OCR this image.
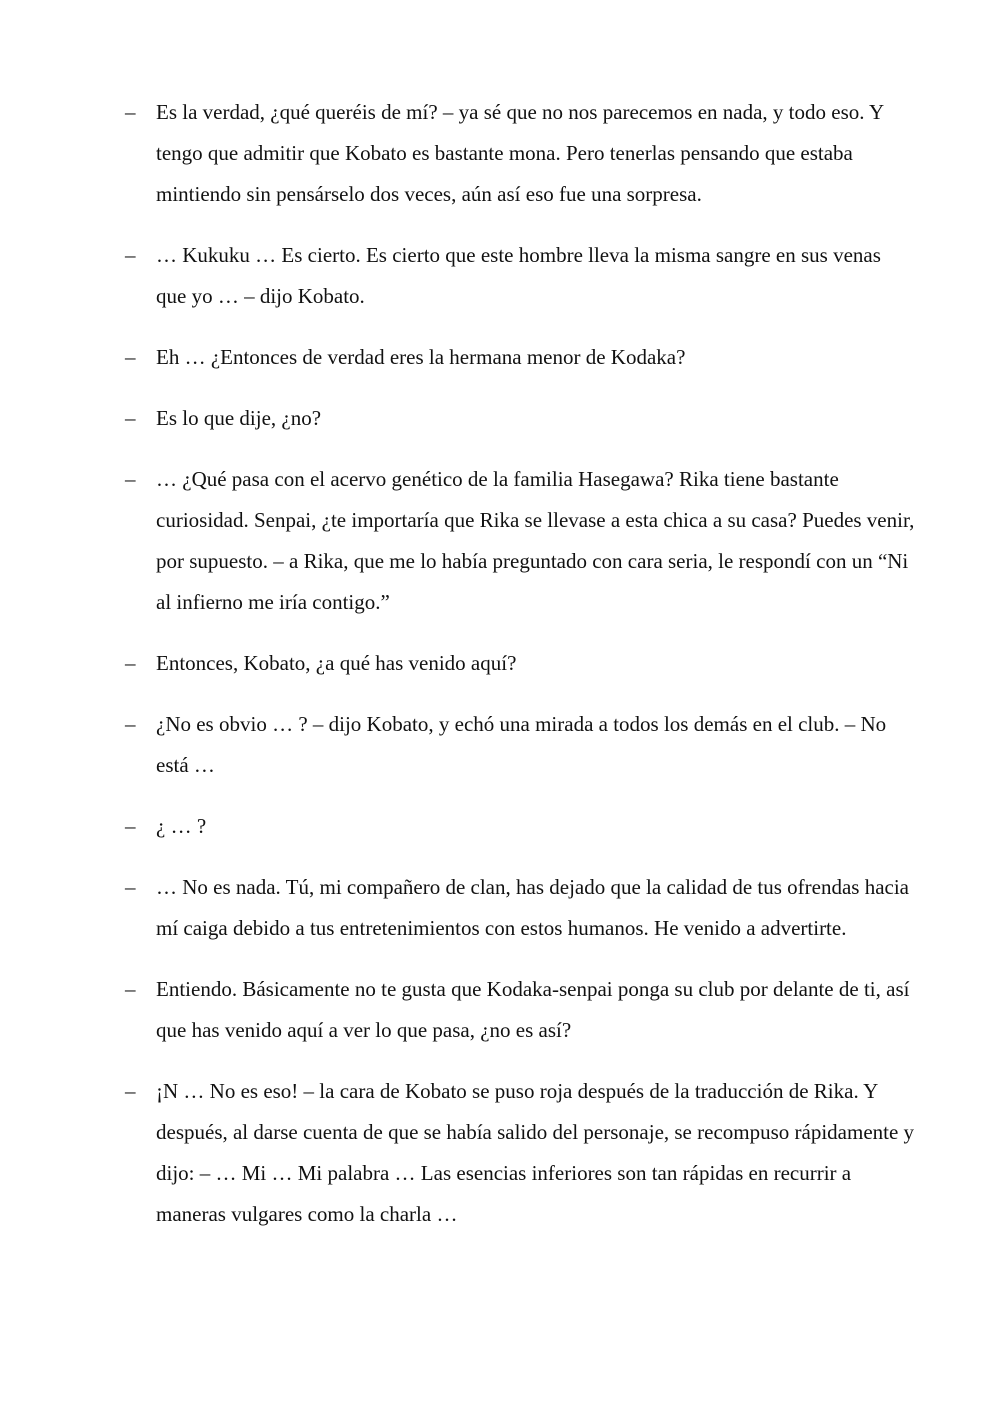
– Es la verdad, ¿qué queréis de mí? – ya sé que no nos parecemos en nada, y todo eso. Y tengo que admitir que Kobato es bastante mona. Pero tenerlas pensando que estaba mintiendo sin pensárselo dos veces, aún así eso fue una sorpresa.
– … Kukuku … Es cierto. Es cierto que este hombre lleva la misma sangre en sus venas que yo … – dijo Kobato.
– Eh … ¿Entonces de verdad eres la hermana menor de Kodaka?
– Es lo que dije, ¿no?
– … ¿Qué pasa con el acervo genético de la familia Hasegawa? Rika tiene bastante curiosidad. Senpai, ¿te importaría que Rika se llevase a esta chica a su casa? Puedes venir, por supuesto. – a Rika, que me lo había preguntado con cara seria, le respondí con un “Ni al infierno me iría contigo.”
– Entonces, Kobato, ¿a qué has venido aquí?
– ¿No es obvio … ? – dijo Kobato, y echó una mirada a todos los demás en el club. – No está …
– ¿ … ?
– … No es nada. Tú, mi compañero de clan, has dejado que la calidad de tus ofrendas hacia mí caiga debido a tus entretenimientos con estos humanos. He venido a advertirte.
– Entiendo. Básicamente no te gusta que Kodaka-senpai ponga su club por delante de ti, así que has venido aquí a ver lo que pasa, ¿no es así?
– ¡N … No es eso! – la cara de Kobato se puso roja después de la traducción de Rika. Y después, al darse cuenta de que se había salido del personaje, se recompuso rápidamente y dijo: – … Mi … Mi palabra … Las esencias inferiores son tan rápidas en recurrir a maneras vulgares como la charla …
